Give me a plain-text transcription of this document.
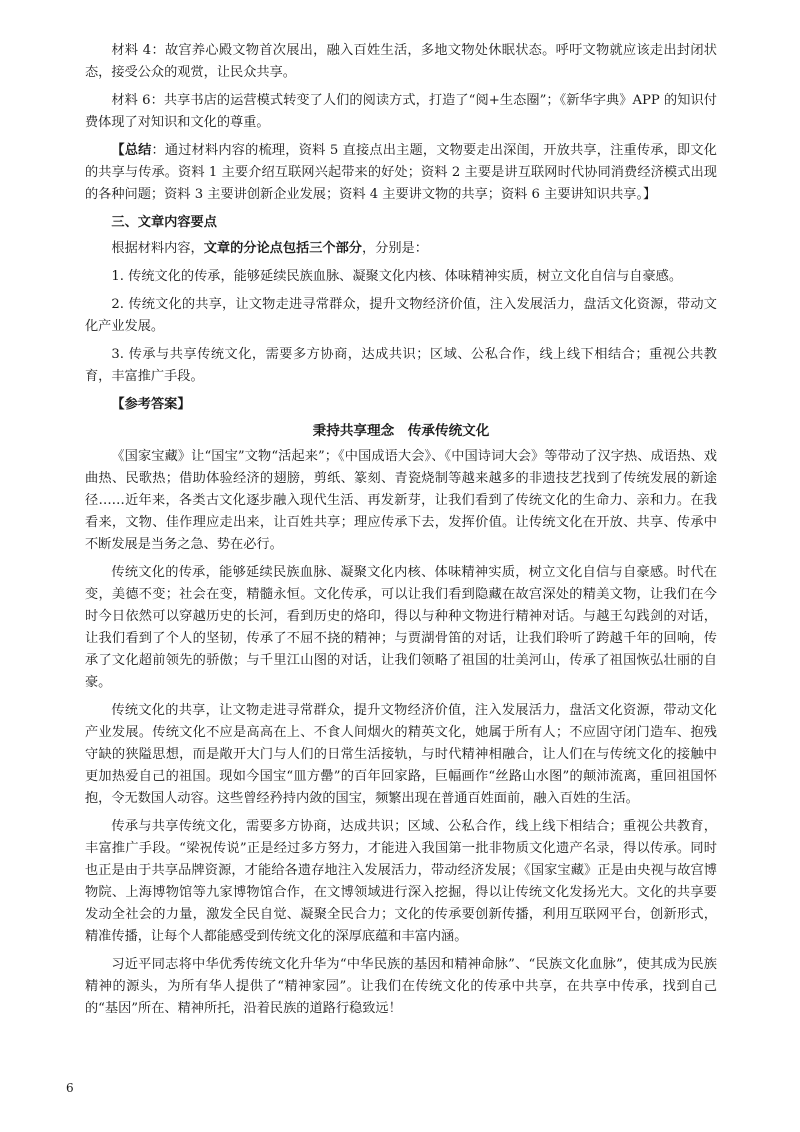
材料 4：故宫养心殿文物首次展出，融入百姓生活，多地文物处休眠状态。呼吁文物就应该走出封闭状态，接受公众的观赏，让民众共享。

材料 6：共享书店的运营模式转变了人们的阅读方式，打造了“阅+生态圈”；《新华字典》APP 的知识付费体现了对知识和文化的尊重。

【总结：通过材料内容的梳理，资料 5 直接点出主题，文物要走出深闺，开放共享，注重传承，即文化的共享与传承。资料 1 主要介绍互联网兴起带来的好处；资料 2 主要是讲互联网时代协同消费经济模式出现的各种问题；资料 3 主要讲创新企业发展；资料 4 主要讲文物的共享；资料 6 主要讲知识共享。】

三、文章内容要点

根据材料内容，文章的分论点包括三个部分，分别是：

1. 传统文化的传承，能够延续民族血脉、凝聚文化内核、体味精神实质，树立文化自信与自豪感。

2. 传统文化的共享，让文物走进寻常群众，提升文物经济价值，注入发展活力，盘活文化资源，带动文化产业发展。

3. 传承与共享传统文化，需要多方协商，达成共识；区域、公私合作，线上线下相结合；重视公共教育，丰富推广手段。

【参考答案】
秉持共享理念　传承传统文化

《国家宝藏》让“国宝”文物“活起来”；《中国成语大会》、《中国诗词大会》等带动了汉字热、成语热、戏曲热、民歌热；借助体验经济的翅膀，剪纸、篆刻、青瓷烧制等越来越多的非遗技艺找到了传统发展的新途径……近年来，各类古文化逐步融入现代生活、再发新芽，让我们看到了传统文化的生命力、亲和力。在我看来，文物、佳作理应走出来，让百姓共享；理应传承下去，发挥价值。让传统文化在开放、共享、传承中不断发展是当务之急、势在必行。

传统文化的传承，能够延续民族血脉、凝聚文化内核、体味精神实质，树立文化自信与自豪感。时代在变，美德不变；社会在变，精髓永恒。文化传承，可以让我们看到隐藏在故宫深处的精美文物，让我们在今时今日依然可以穿越历史的长河，看到历史的烙印，得以与种种文物进行精神对话。与越王勾践剑的对话，让我们看到了个人的坚韧，传承了不屈不挠的精神；与贾湖骨笛的对话，让我们聆听了跨越千年的回响，传承了文化超前领先的骄傲；与千里江山图的对话，让我们领略了祖国的壮美河山，传承了祖国恢弘壮丽的自豪。

传统文化的共享，让文物走进寻常群众，提升文物经济价值，注入发展活力，盘活文化资源，带动文化产业发展。传统文化不应是高高在上、不食人间烟火的精英文化，她属于所有人；不应固守闭门造车、抱残守缺的狭隘思想，而是敞开大门与人们的日常生活接轨，与时代精神相融合，让人们在与传统文化的接触中更加热爱自己的祖国。现如今国宝“皿方罍”的百年回家路，巨幅画作“丝路山水图”的颠沛流离，重回祖国怀抱，令无数国人动容。这些曾经矜持内敛的国宝，频繁出现在普通百姓面前，融入百姓的生活。

传承与共享传统文化，需要多方协商，达成共识；区域、公私合作，线上线下相结合；重视公共教育，丰富推广手段。“梁祝传说”正是经过多方努力，才能进入我国第一批非物质文化遗产名录，得以传承。同时也正是由于共享品牌资源，才能给各遗存地注入发展活力，带动经济发展；《国家宝藏》正是由央视与故宫博物院、上海博物馆等九家博物馆合作，在文博领域进行深入挖掘，得以让传统文化发扬光大。文化的共享要发动全社会的力量，激发全民自觉、凝聚全民合力；文化的传承要创新传播，利用互联网平台，创新形式，精准传播，让每个人都能感受到传统文化的深厚底蕴和丰富内涵。

习近平同志将中华优秀传统文化升华为“中华民族的基因和精神命脉”、“民族文化血脉”，使其成为民族精神的源头，为所有华人提供了“精神家园”。让我们在传统文化的传承中共享，在共享中传承，找到自己的“基因”所在、精神所托，沿着民族的道路行稳致远！

6
